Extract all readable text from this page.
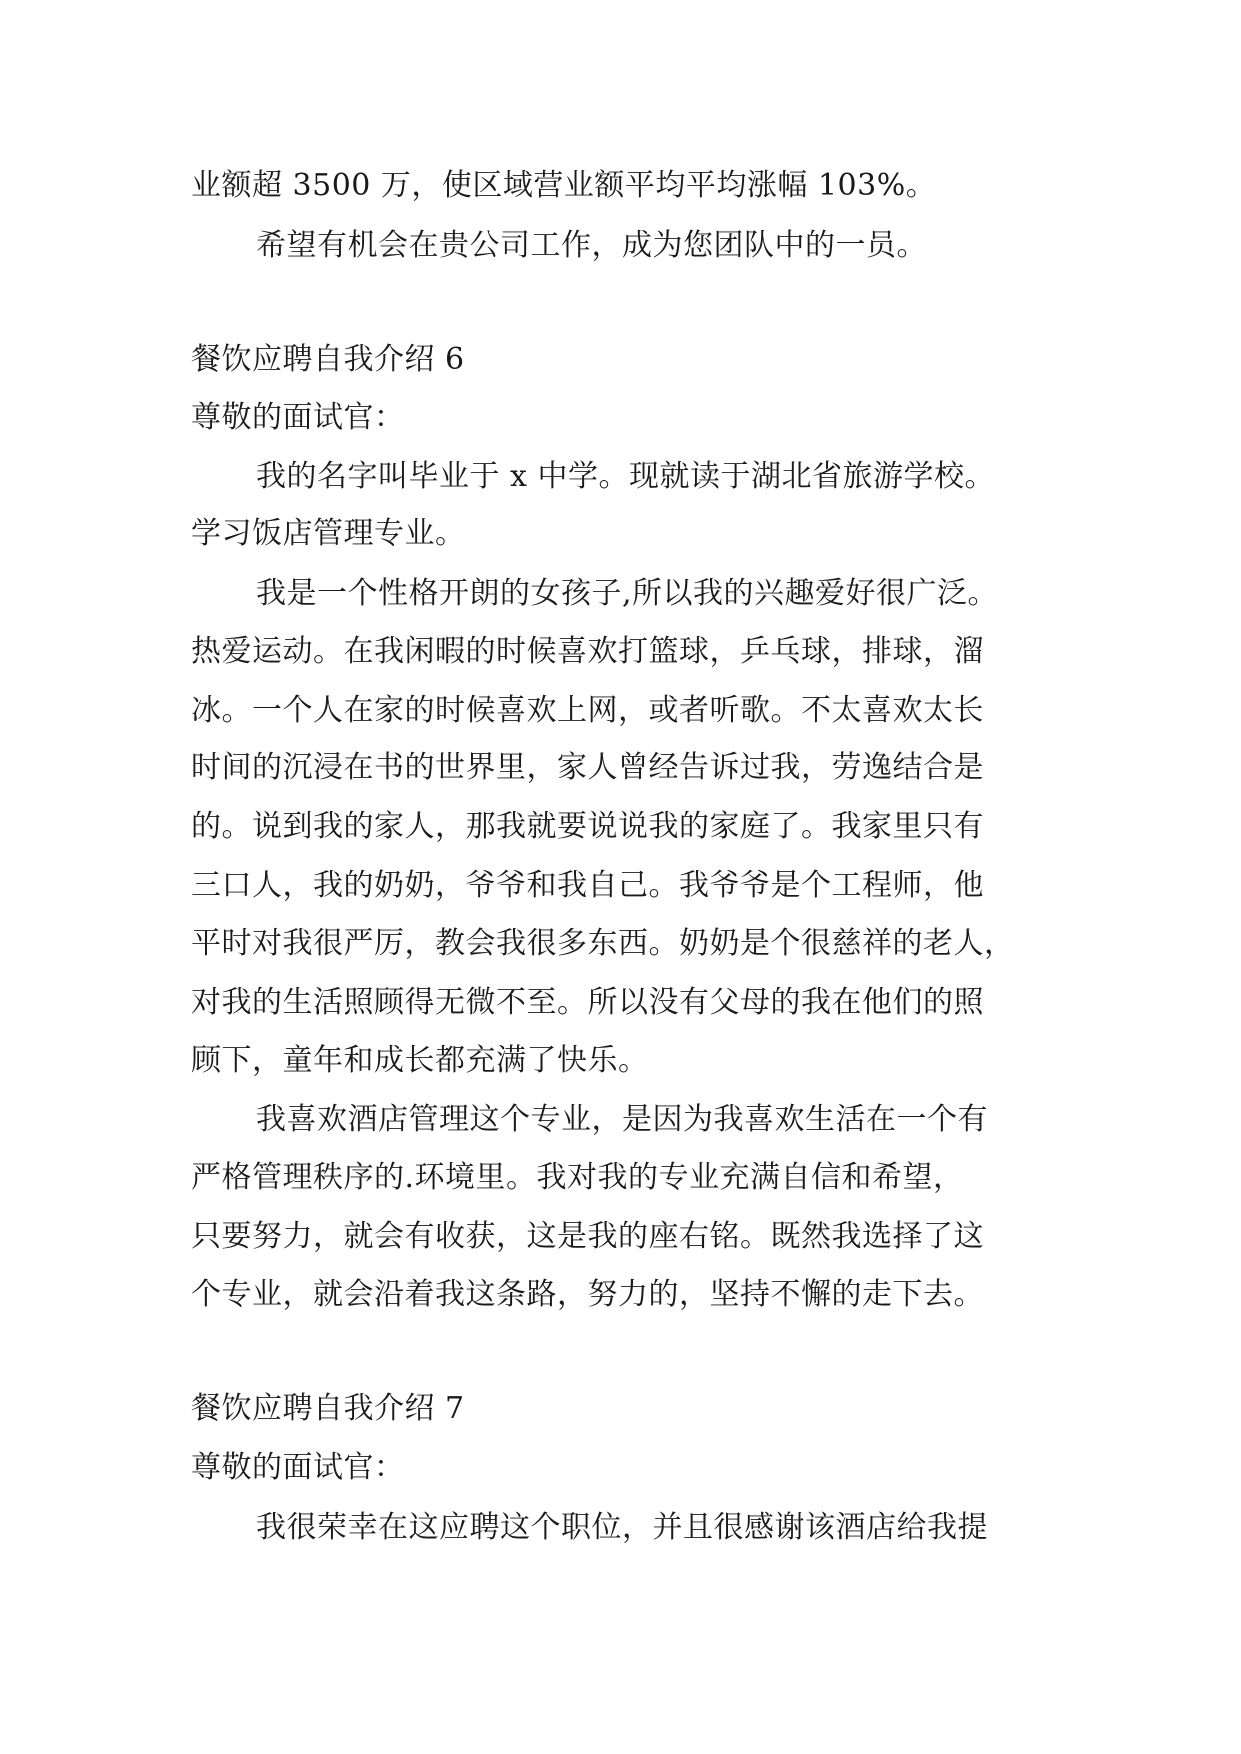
业额超 3500 万，使区域营业额平均平均涨幅 103%。
希望有机会在贵公司工作，成为您团队中的一员。
餐饮应聘自我介绍 6
尊敬的面试官：
我的名字叫毕业于 x 中学。现就读于湖北省旅游学校。
学习饭店管理专业。
我是一个性格开朗的女孩子,所以我的兴趣爱好很广泛。
热爱运动。在我闲暇的时候喜欢打篮球，乒乓球，排球，溜
冰。一个人在家的时候喜欢上网，或者听歌。不太喜欢太长
时间的沉浸在书的世界里，家人曾经告诉过我，劳逸结合是
的。说到我的家人，那我就要说说我的家庭了。我家里只有
三口人，我的奶奶，爷爷和我自己。我爷爷是个工程师，他
平时对我很严厉，教会我很多东西。奶奶是个很慈祥的老人，
对我的生活照顾得无微不至。所以没有父母的我在他们的照
顾下，童年和成长都充满了快乐。
我喜欢酒店管理这个专业，是因为我喜欢生活在一个有
严格管理秩序的.环境里。我对我的专业充满自信和希望，
只要努力，就会有收获，这是我的座右铭。既然我选择了这
个专业，就会沿着我这条路，努力的，坚持不懈的走下去。
餐饮应聘自我介绍 7
尊敬的面试官：
我很荣幸在这应聘这个职位，并且很感谢该酒店给我提
